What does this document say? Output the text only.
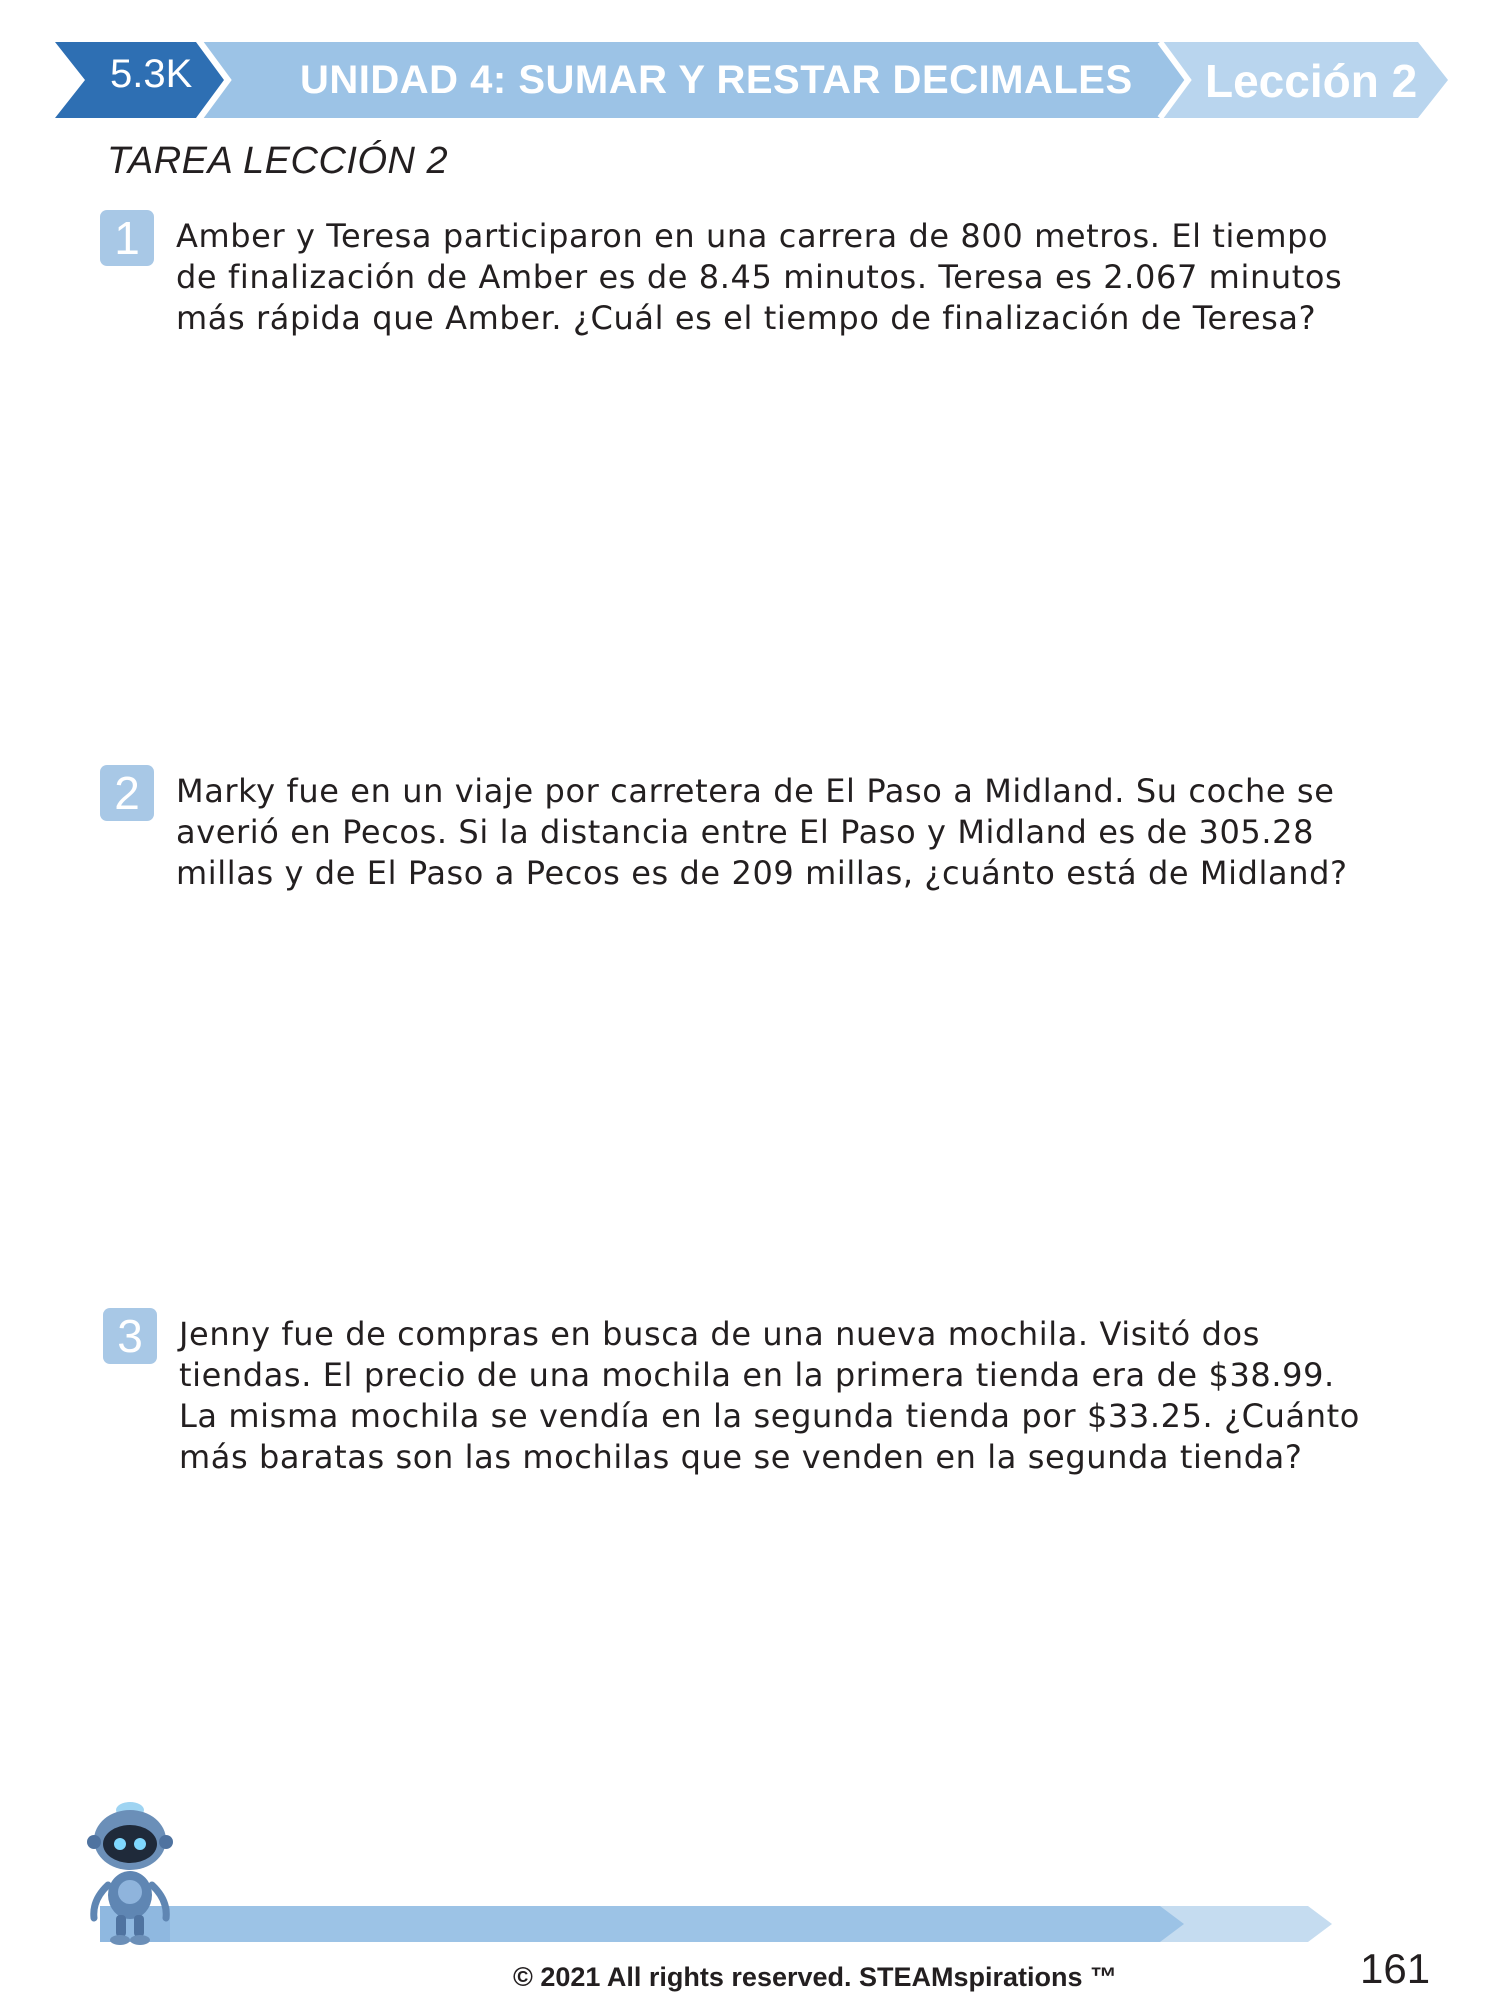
5.3K	UNIDAD 4: SUMAR Y RESTAR DECIMALES Lección 2
TAREA LECCIÓN 2
1	Amber y Teresa participaron en una carrera de 800 metros. El tiempo
de finalización de Amber es de 8.45 minutos. Teresa es 2.067 minutos
más rápida que Amber. ¿Cuál es el tiempo de finalización de Teresa?
2	Marky fue en un viaje por carretera de El Paso a Midland. Su coche se
averió en Pecos. Si la distancia entre El Paso y Midland es de 305.28
millas y de El Paso a Pecos es de 209 millas, ¿cuánto está de Midland?
3	Jenny fue de compras en busca de una nueva mochila. Visitó dos
tiendas. El precio de una mochila en la primera tienda era de $38.99.
La misma mochila se vendía en la segunda tienda por $33.25. ¿Cuánto
más baratas son las mochilas que se venden en la segunda tienda?
© 2021 All rights reserved. STEAMspirations ™	161
